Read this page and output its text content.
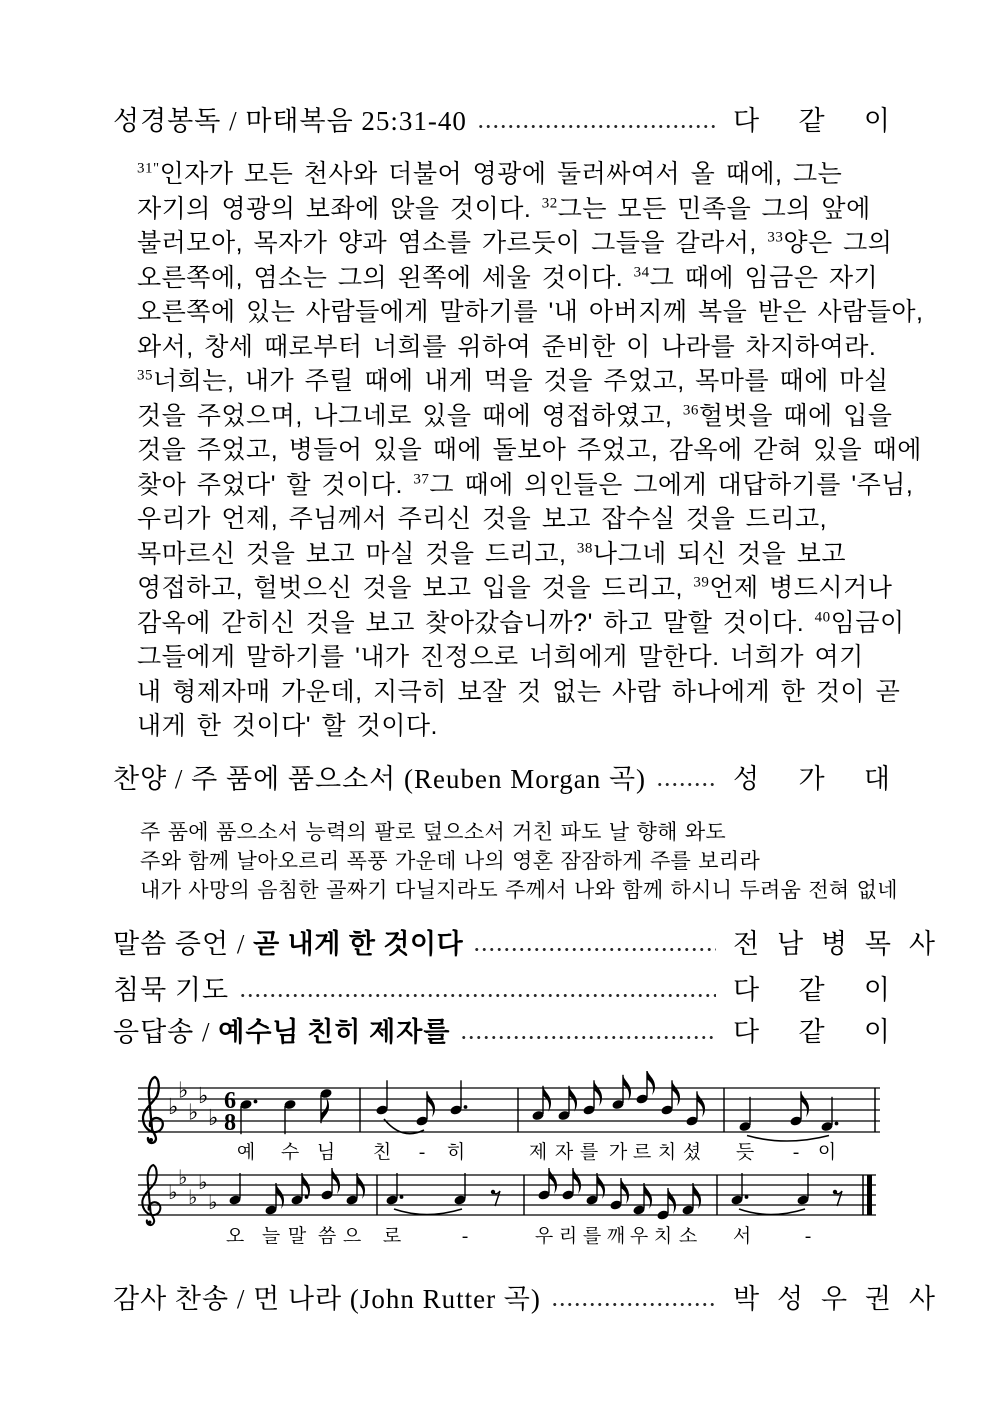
성경봉독 / 마태복음 25:31-40	다 같 이
$^{31"}$인자가 모든 천사와 더불어 영광에 둘러싸여서 올 때에, 그는
자기의 영광의 보좌에 앉을 것이다. $^{32}$그는 모든 민족을 그의 앞에
불러모아, 목자가 양과 염소를 가르듯이 그들을 갈라서, $^{33}$양은 그의
오른쪽에, 염소는 그의 왼쪽에 세울 것이다. $^{34}$그 때에 임금은 자기
오른쪽에 있는 사람들에게 말하기를 '내 아버지께 복을 받은 사람들아,
와서, 창세 때로부터 너희를 위하여 준비한 이 나라를 차지하여라.
$^{35}$너희는, 내가 주릴 때에 내게 먹을 것을 주었고, 목마를 때에 마실
것을 주었으며, 나그네로 있을 때에 영접하였고, $^{36}$헐벗을 때에 입을
것을 주었고, 병들어 있을 때에 돌보아 주었고, 감옥에 갇혀 있을 때에
찾아 주었다' 할 것이다. $^{37}$그 때에 의인들은 그에게 대답하기를 '주님,
우리가 언제, 주님께서 주리신 것을 보고 잡수실 것을 드리고,
목마르신 것을 보고 마실 것을 드리고, $^{38}$나그네 되신 것을 보고
영접하고, 헐벗으신 것을 보고 입을 것을 드리고, $^{39}$언제 병드시거나
감옥에 갇히신 것을 보고 찾아갔습니까?' 하고 말할 것이다. $^{40}$임금이
그들에게 말하기를 '내가 진정으로 너희에게 말한다. 너희가 여기
내 형제자매 가운데, 지극히 보잘 것 없는 사람 하나에게 한 것이 곧
내게 한 것이다' 할 것이다.
찬양 / 주 품에 품으소서 (Reuben Morgan 곡)	성 가 대
주 품에 품으소서 능력의 팔로 덮으소서 거친 파도 날 향해 와도
주와 함께 날아오르리 폭풍 가운데 나의 영혼 잠잠하게 주를 보리라
내가 사망의 음침한 골짜기 다닐지라도 주께서 나와 함께 하시니 두려움 전혀 없네
말씀 증언 / 곧 내게 한 것이다	전 남 병 목 사
침묵 기도	다 같 이
응답송 / 예수님 친히 제자를	다 같 이
♭
♭
♭
♭
♭
6
8
예 수 님 친 - 히	제 자 를 가 르 치 셨 듯 - 이
♭
♭
♭
♭
♭
오 늘 말 씀 으 로	-	우 리 를 깨 우 치 소 서	-
감사 찬송 / 먼 나라 (John Rutter 곡)	박 성 우 권 사
